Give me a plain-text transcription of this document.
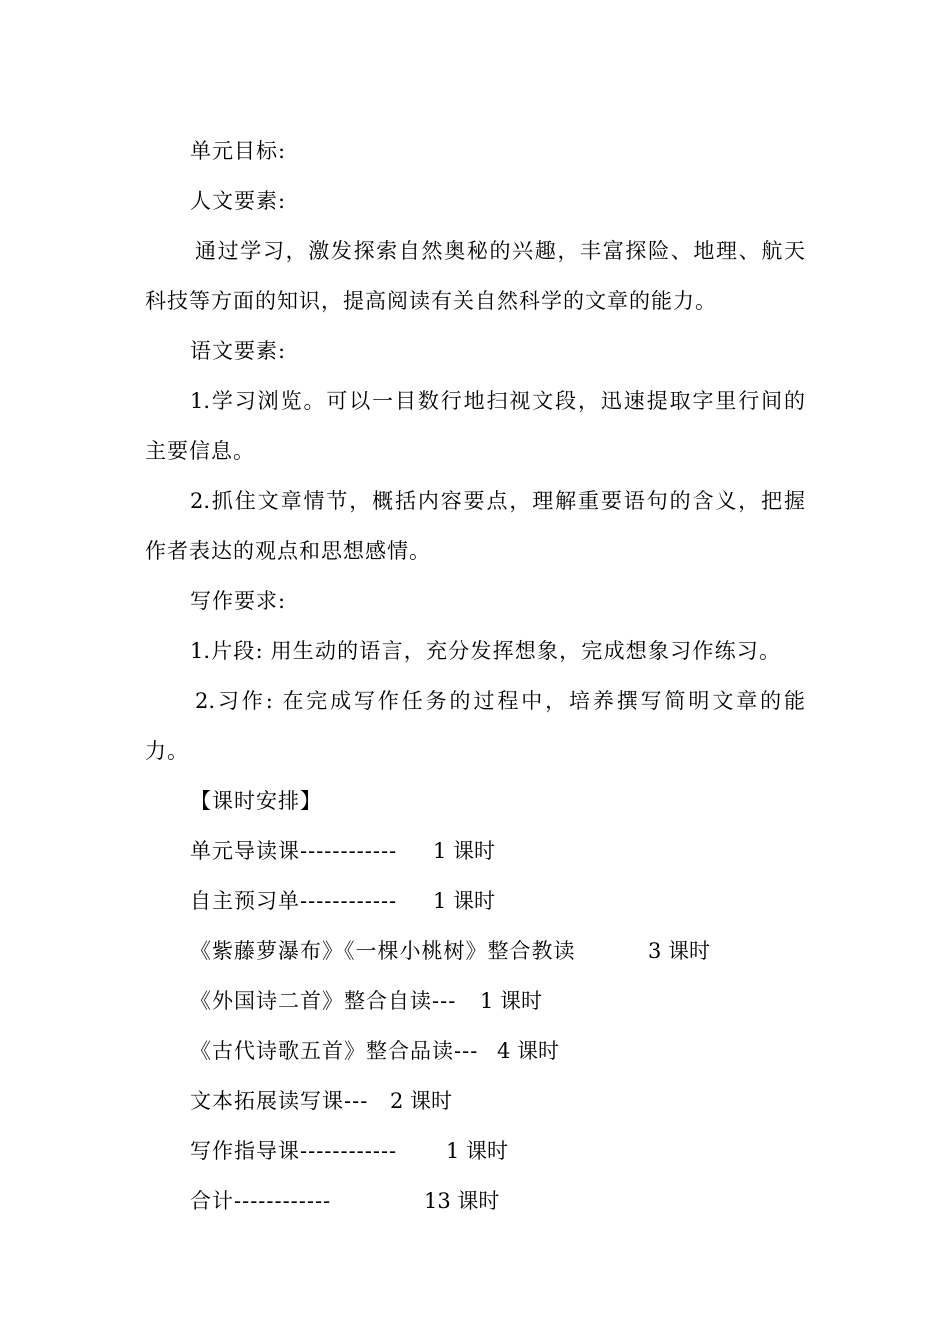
单元目标:
人文要素:
通过学习，激发探索自然奥秘的兴趣，丰富探险、地理、航天
科技等方面的知识，提高阅读有关自然科学的文章的能力。
语文要素:
1.学习浏览。可以一目数行地扫视文段，迅速提取字里行间的
主要信息。
2.抓住文章情节，概括内容要点，理解重要语句的含义，把握
作者表达的观点和思想感情。
写作要求:
1.片段: 用生动的语言，充分发挥想象，完成想象习作练习。
2.习作: 在完成写作任务的过程中，培养撰写简明文章的能
力。
【课时安排】
单元导读课------------ 1 课时
自主预习单------------ 1 课时
《紫藤萝瀑布》《一棵小桃树》整合教读	3 课时
《外国诗二首》整合自读--- 1 课时
《古代诗歌五首》整合品读--- 4 课时
文本拓展读写课--- 2 课时
写作指导课------------ 1 课时
合计------------	13 课时
